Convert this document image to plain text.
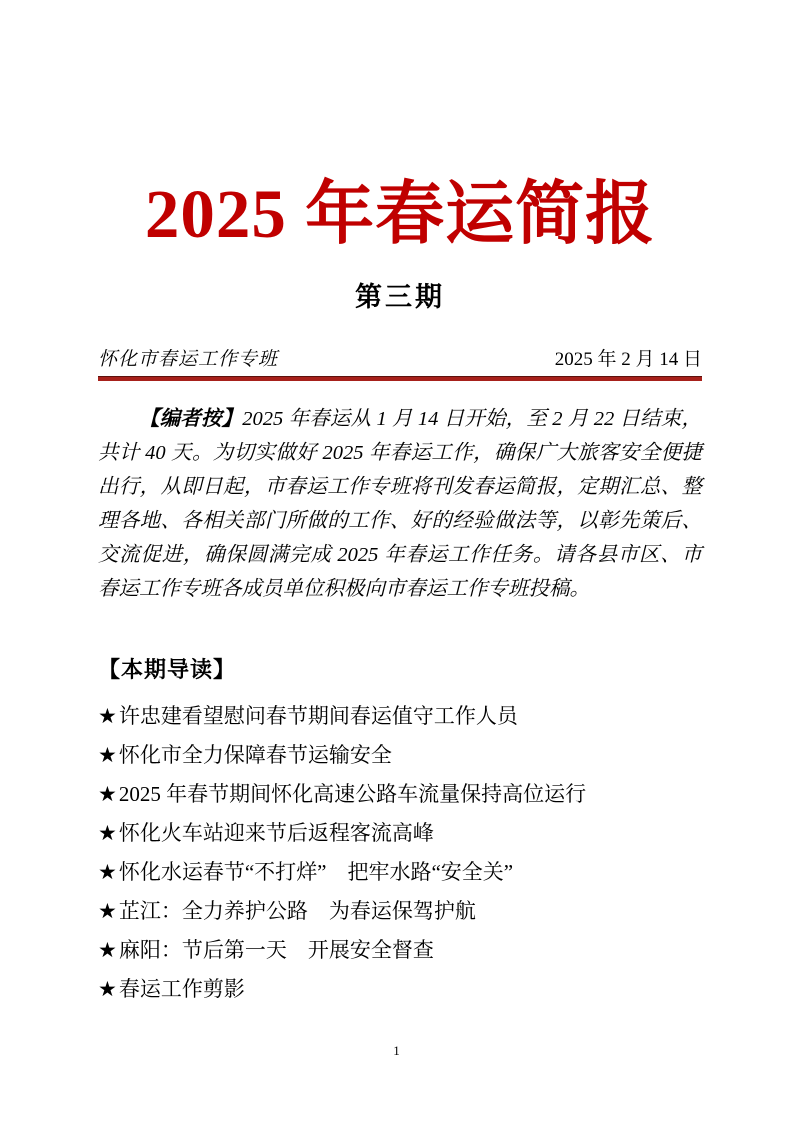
2025 年春运简报
第三期
怀化市春运工作专班	2025 年 2 月 14 日

【编者按】2025 年春运从 1 月 14 日开始，至 2 月 22 日结束，共计 40 天。为切实做好 2025 年春运工作，确保广大旅客安全便捷出行，从即日起，市春运工作专班将刊发春运简报，定期汇总、整理各地、各相关部门所做的工作、好的经验做法等，以彰先策后、交流促进，确保圆满完成 2025 年春运工作任务。请各县市区、市春运工作专班各成员单位积极向市春运工作专班投稿。

【本期导读】
★许忠建看望慰问春节期间春运值守工作人员
★怀化市全力保障春节运输安全
★2025 年春节期间怀化高速公路车流量保持高位运行
★怀化火车站迎来节后返程客流高峰
★怀化水运春节“不打烊”　把牢水路“安全关”
★芷江：全力养护公路　为春运保驾护航
★麻阳：节后第一天　开展安全督查
★春运工作剪影
1
